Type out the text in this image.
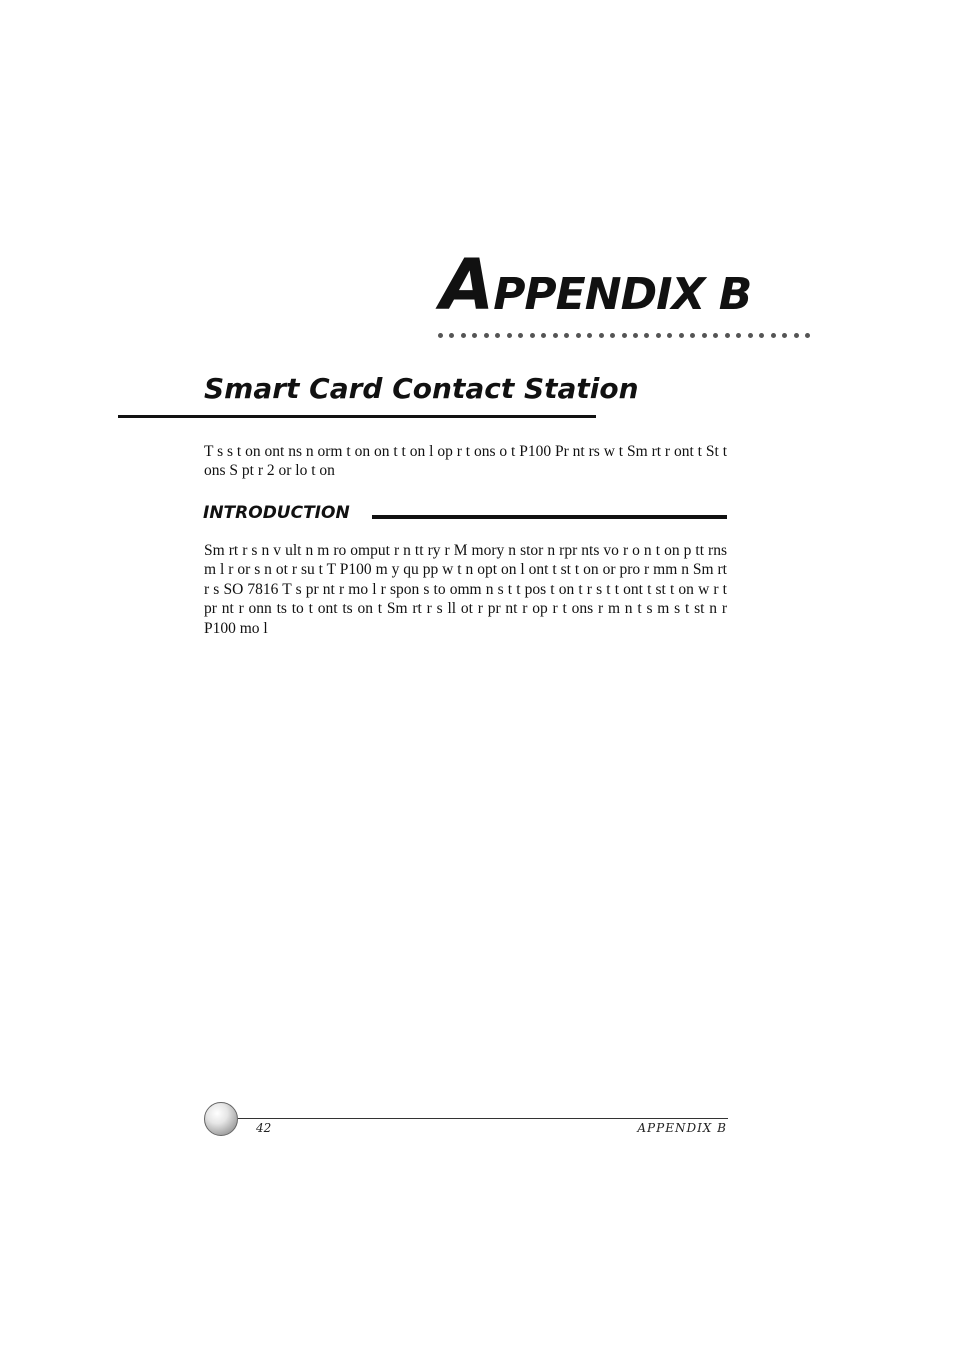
APPENDIX B
Smart Card Contact Station

T s s t on ont ns n orm t on on t t on l op r t ons o t P100 Pr nt rs w t Sm rt r ont t St t ons S pt r 2 or lo t on

INTRODUCTION

Sm rt r s n v ult n m ro omput r n tt ry r M mory n stor n rpr nts vo r o n t on p tt rns m l r or s n ot r su t T P100 m y qu pp w t n opt on l ont t st t on or pro r mm n Sm rt r s SO 7816 T s pr nt r mo l r spon s to omm n s t t pos t on t r s t t ont t st t on w r t pr nt r onn ts to t ont ts on t Sm rt r s ll ot r pr nt r op r t ons r m n t s m s t st n r P100 mo l

42	APPENDIX B
